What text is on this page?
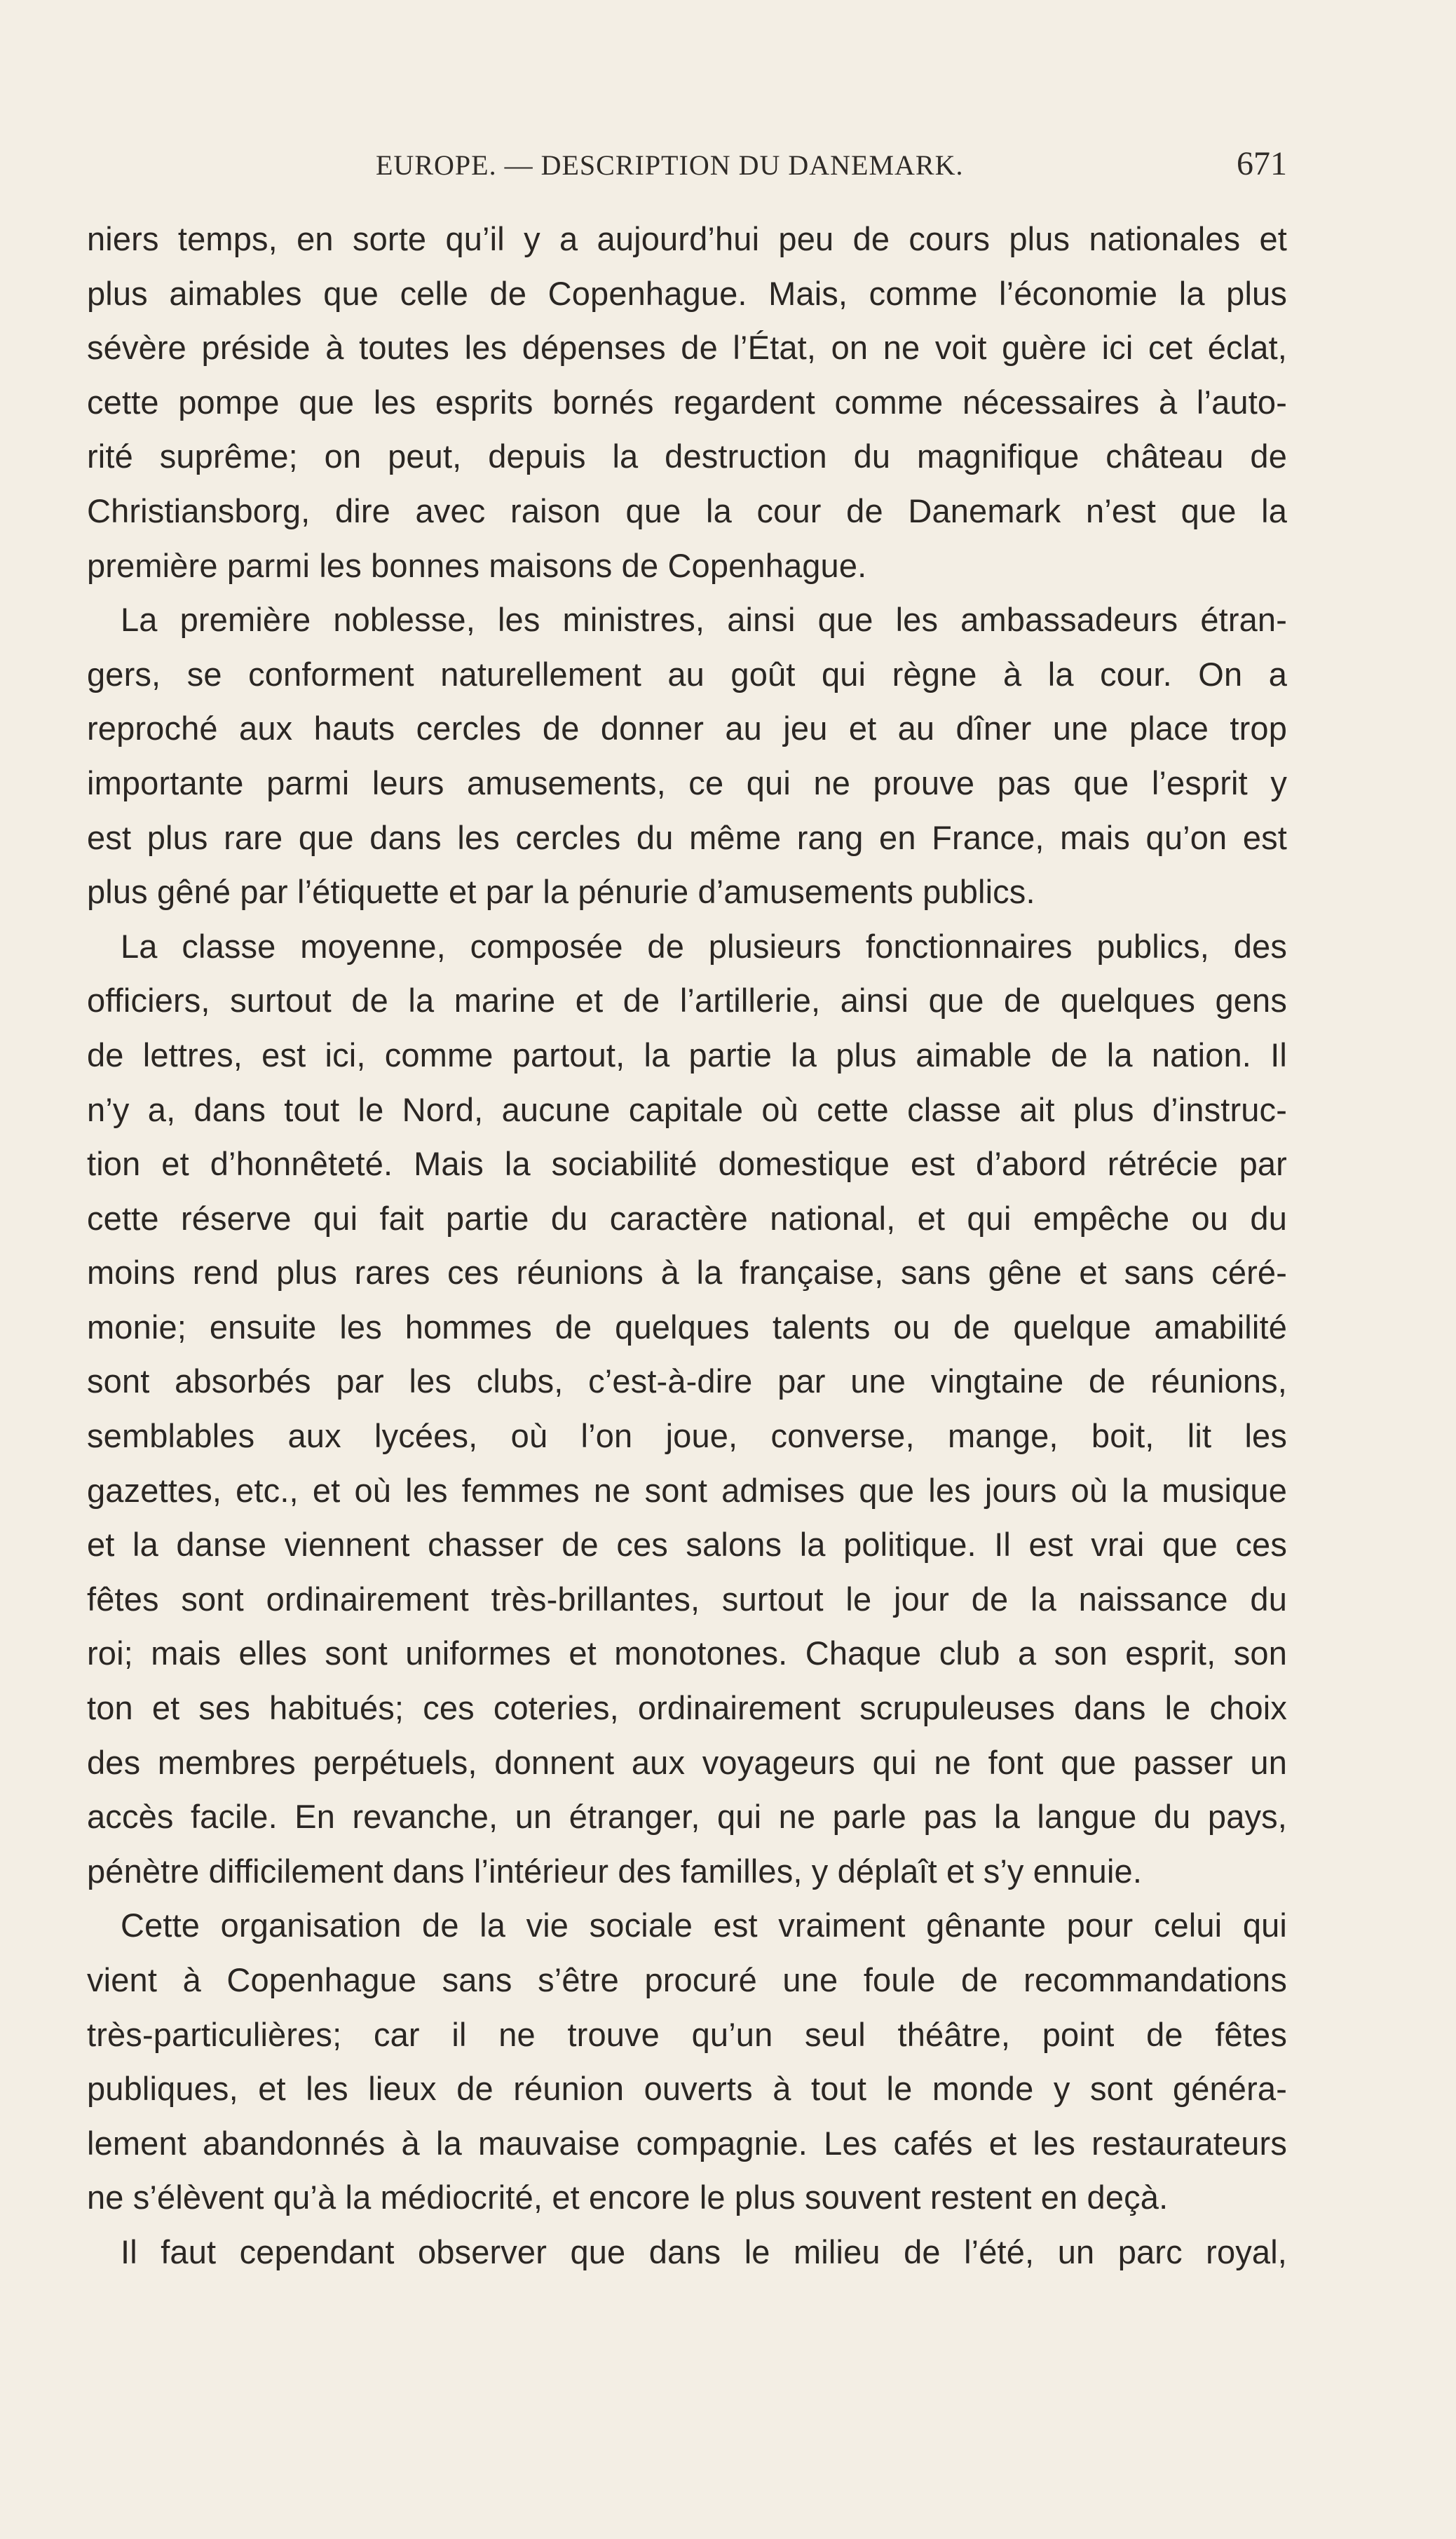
EUROPE. — DESCRIPTION DU DANEMARK.	671
niers temps, en sorte qu’il y a aujourd’hui peu de cours plus nationales et
plus aimables que celle de Copenhague. Mais, comme l’économie la plus
sévère préside à toutes les dépenses de l’État, on ne voit guère ici cet éclat,
cette pompe que les esprits bornés regardent comme nécessaires à l’auto-
rité suprême; on peut, depuis la destruction du magnifique château de
Christiansborg, dire avec raison que la cour de Danemark n’est que la
première parmi les bonnes maisons de Copenhague.
La première noblesse, les ministres, ainsi que les ambassadeurs étran-
gers, se conforment naturellement au goût qui règne à la cour. On a
reproché aux hauts cercles de donner au jeu et au dîner une place trop
importante parmi leurs amusements, ce qui ne prouve pas que l’esprit y
est plus rare que dans les cercles du même rang en France, mais qu’on est
plus gêné par l’étiquette et par la pénurie d’amusements publics.
La classe moyenne, composée de plusieurs fonctionnaires publics, des
officiers, surtout de la marine et de l’artillerie, ainsi que de quelques gens
de lettres, est ici, comme partout, la partie la plus aimable de la nation. Il
n’y a, dans tout le Nord, aucune capitale où cette classe ait plus d’instruc-
tion et d’honnêteté. Mais la sociabilité domestique est d’abord rétrécie par
cette réserve qui fait partie du caractère national, et qui empêche ou du
moins rend plus rares ces réunions à la française, sans gêne et sans céré-
monie; ensuite les hommes de quelques talents ou de quelque amabilité
sont absorbés par les clubs, c’est-à-dire par une vingtaine de réunions,
semblables aux lycées, où l’on joue, converse, mange, boit, lit les
gazettes, etc., et où les femmes ne sont admises que les jours où la musique
et la danse viennent chasser de ces salons la politique. Il est vrai que ces
fêtes sont ordinairement très-brillantes, surtout le jour de la naissance du
roi; mais elles sont uniformes et monotones. Chaque club a son esprit, son
ton et ses habitués; ces coteries, ordinairement scrupuleuses dans le choix
des membres perpétuels, donnent aux voyageurs qui ne font que passer un
accès facile. En revanche, un étranger, qui ne parle pas la langue du pays,
pénètre difficilement dans l’intérieur des familles, y déplaît et s’y ennuie.
Cette organisation de la vie sociale est vraiment gênante pour celui qui
vient à Copenhague sans s’être procuré une foule de recommandations
très-particulières; car il ne trouve qu’un seul théâtre, point de fêtes
publiques, et les lieux de réunion ouverts à tout le monde y sont généra-
lement abandonnés à la mauvaise compagnie. Les cafés et les restaurateurs
ne s’élèvent qu’à la médiocrité, et encore le plus souvent restent en deçà.
Il faut cependant observer que dans le milieu de l’été, un parc royal,
